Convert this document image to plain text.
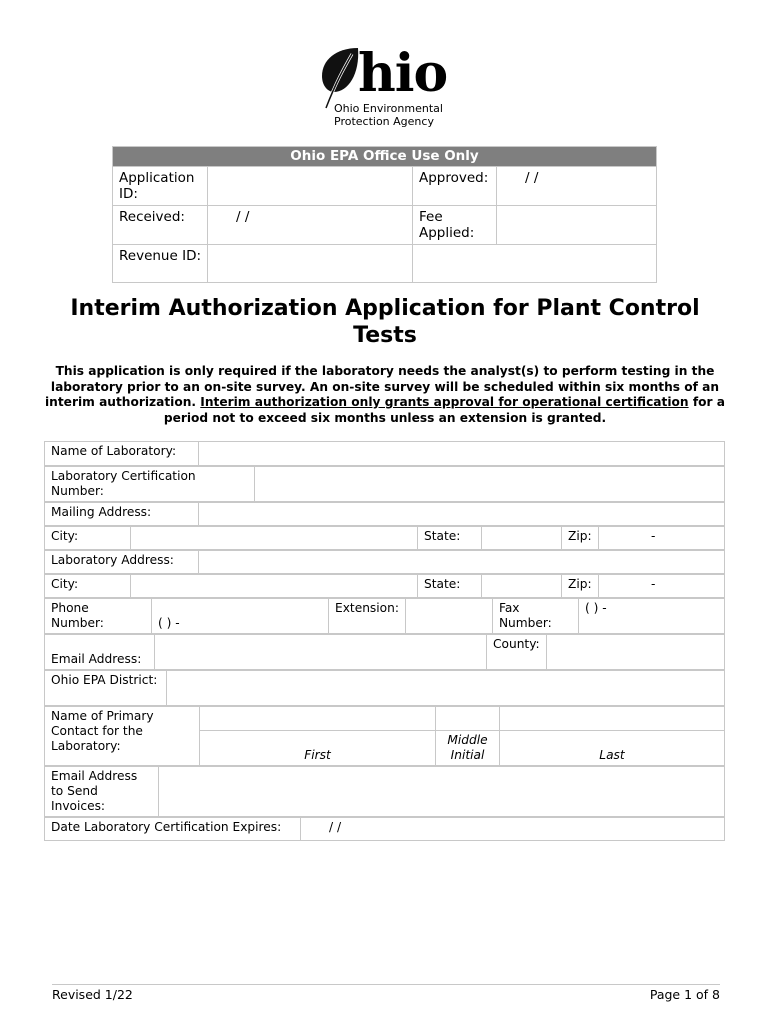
hio
Ohio Environmental
Protection Agency
Ohio EPA Office Use Only			
Application ID:		Approved:	/ /
Received:	/ /	Fee Applied:	
Revenue ID:			
Interim Authorization Application for Plant Control Tests
This application is only required if the laboratory needs the analyst(s) to perform testing in the laboratory prior to an on-site survey. An on-site survey will be scheduled within six months of an interim authorization. Interim authorization only grants approval for operational certification for a period not to exceed six months unless an extension is granted.
Name of Laboratory:	
Laboratory Certification Number:	
Mailing Address:	
City:		State:		Zip:	-
Laboratory Address:	
City:		State:		Zip:	-
Phone Number:	( ) -	Extension:		Fax Number:	( ) -
Email Address:		County:	
Ohio EPA District:	
Name of Primary Contact for the Laboratory:			
	First	Middle Initial	Last
Email Address to Send Invoices:	
Date Laboratory Certification Expires:	/ /
Revised 1/22	Page 1 of 8
